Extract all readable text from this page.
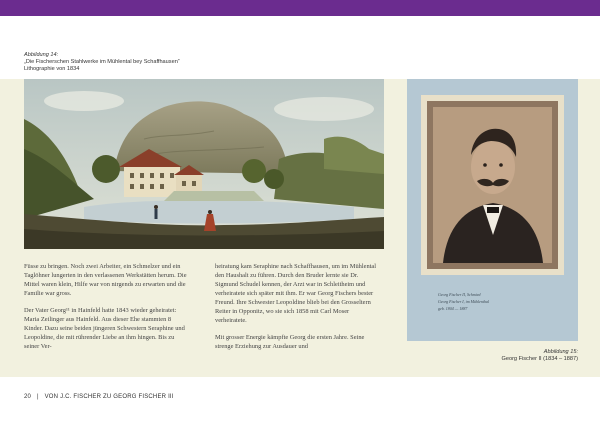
Abbildung 14:
„Die Fischerschen Stahlwerke im Mühlental bey Schaffhausen“
Lithographie von 1834

Füsse zu bringen. Noch zwei Arbeiter, ein Schmelzer und ein Taglöhner lungerten in den verlassenen Werkstätten herum. Die Mittel waren klein, Hilfe war von nirgends zu erwarten und die Familie war gross.

Der Vater Georg¹¹ in Hainfeld hatte 1843 wieder geheiratet: Maria Zeilinger aus Hainfeld. Aus dieser Ehe stammten 8 Kinder. Dazu seine beiden jüngeren Schwestern Seraphine und Leopoldine, die mit rührender Liebe an ihm hingen. Bis zu seiner Ver-

heiratung kam Seraphine nach Schaffhausen, um im Mühlental den Haushalt zu führen. Durch den Bruder lernte sie Dr. Sigmund Schudel kennen, der Arzt war in Schleitheim und verheiratete sich später mit ihm. Er war Georg Fischers bester Freund. Ihre Schwester Leopoldine blieb bei den Grosseltern Reiter in Opponitz, wo sie sich 1858 mit Carl Moser verheiratete.

Mit grosser Energie kämpfte Georg die ersten Jahre. Seine strenge Erziehung zur Ausdauer und

Georg Fischer II, Schmied
Georg Fischer I, im Mühlenthal
geb. 1804 — 1887
Abbildung 15:
Georg Fischer II (1834 – 1887)
20 | VON J.C. FISCHER ZU GEORG FISCHER III
